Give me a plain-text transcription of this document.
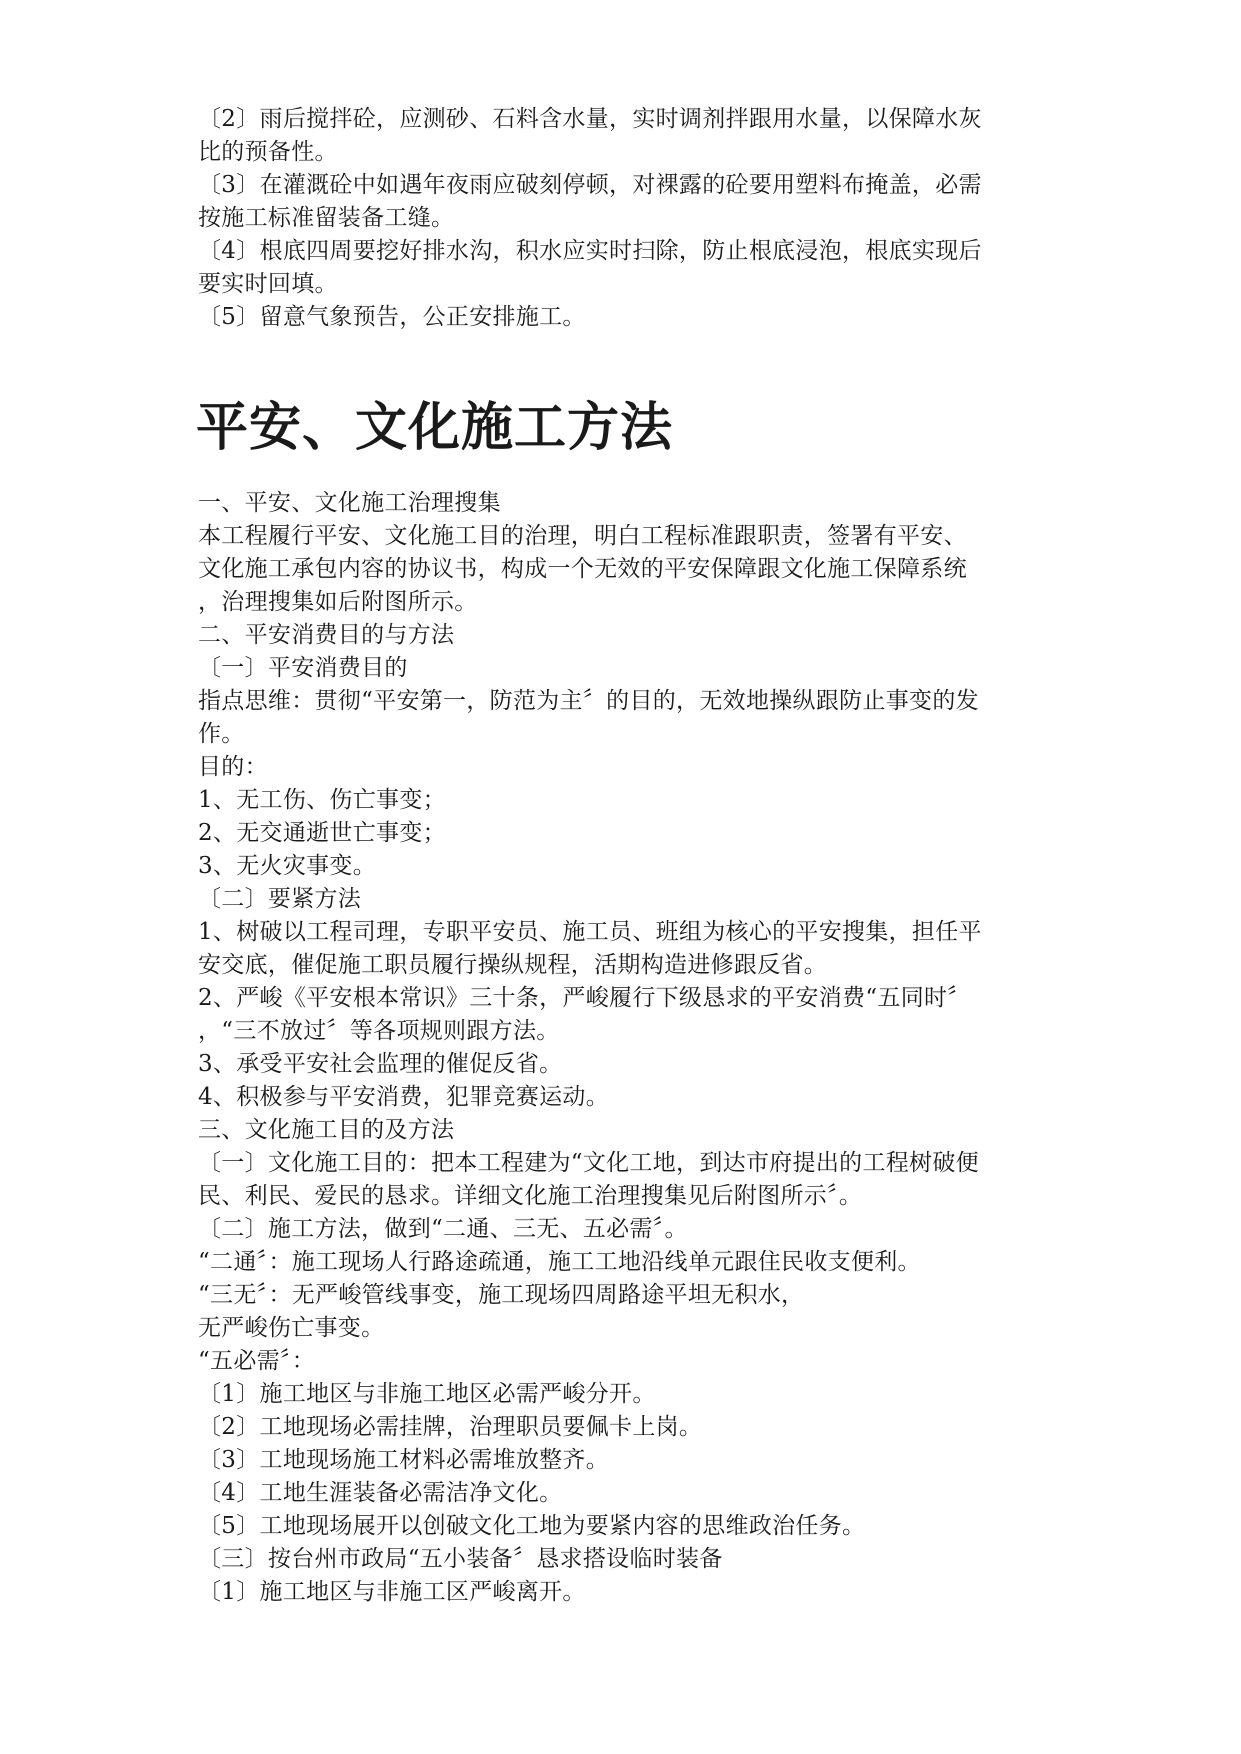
〔2〕雨后搅拌砼，应测砂、石料含水量，实时调剂拌跟用水量，以保障水灰
比的预备性。
〔3〕在灌溉砼中如遇年夜雨应破刻停顿，对裸露的砼要用塑料布掩盖，必需
按施工标准留装备工缝。
〔4〕根底四周要挖好排水沟，积水应实时扫除，防止根底浸泡，根底实现后
要实时回填。
〔5〕留意气象预告，公正安排施工。
平安、文化施工方法
一、平安、文化施工治理搜集
本工程履行平安、文化施工目的治理，明白工程标准跟职责，签署有平安、
文化施工承包内容的协议书，构成一个无效的平安保障跟文化施工保障系统
，治理搜集如后附图所示。
二、平安消费目的与方法
〔一〕平安消费目的
指点思维：贯彻“平安第一，防范为主〞的目的，无效地操纵跟防止事变的发
作。
目的：
1、无工伤、伤亡事变；
2、无交通逝世亡事变；
3、无火灾事变。
〔二〕要紧方法
1、树破以工程司理，专职平安员、施工员、班组为核心的平安搜集，担任平
安交底，催促施工职员履行操纵规程，活期构造进修跟反省。
2、严峻《平安根本常识》三十条，严峻履行下级恳求的平安消费“五同时〞
，“三不放过〞等各项规则跟方法。
3、承受平安社会监理的催促反省。
4、积极参与平安消费，犯罪竞赛运动。
三、文化施工目的及方法
〔一〕文化施工目的：把本工程建为“文化工地，到达市府提出的工程树破便
民、利民、爱民的恳求。详细文化施工治理搜集见后附图所示〞。
〔二〕施工方法，做到“二通、三无、五必需〞。
“二通〞：施工现场人行路途疏通，施工工地沿线单元跟住民收支便利。
“三无〞：无严峻管线事变，施工现场四周路途平坦无积水，
无严峻伤亡事变。
“五必需〞：
〔1〕施工地区与非施工地区必需严峻分开。
〔2〕工地现场必需挂牌，治理职员要佩卡上岗。
〔3〕工地现场施工材料必需堆放整齐。
〔4〕工地生涯装备必需洁净文化。
〔5〕工地现场展开以创破文化工地为要紧内容的思维政治任务。
〔三〕按台州市政局“五小装备〞恳求搭设临时装备
〔1〕施工地区与非施工区严峻离开。
